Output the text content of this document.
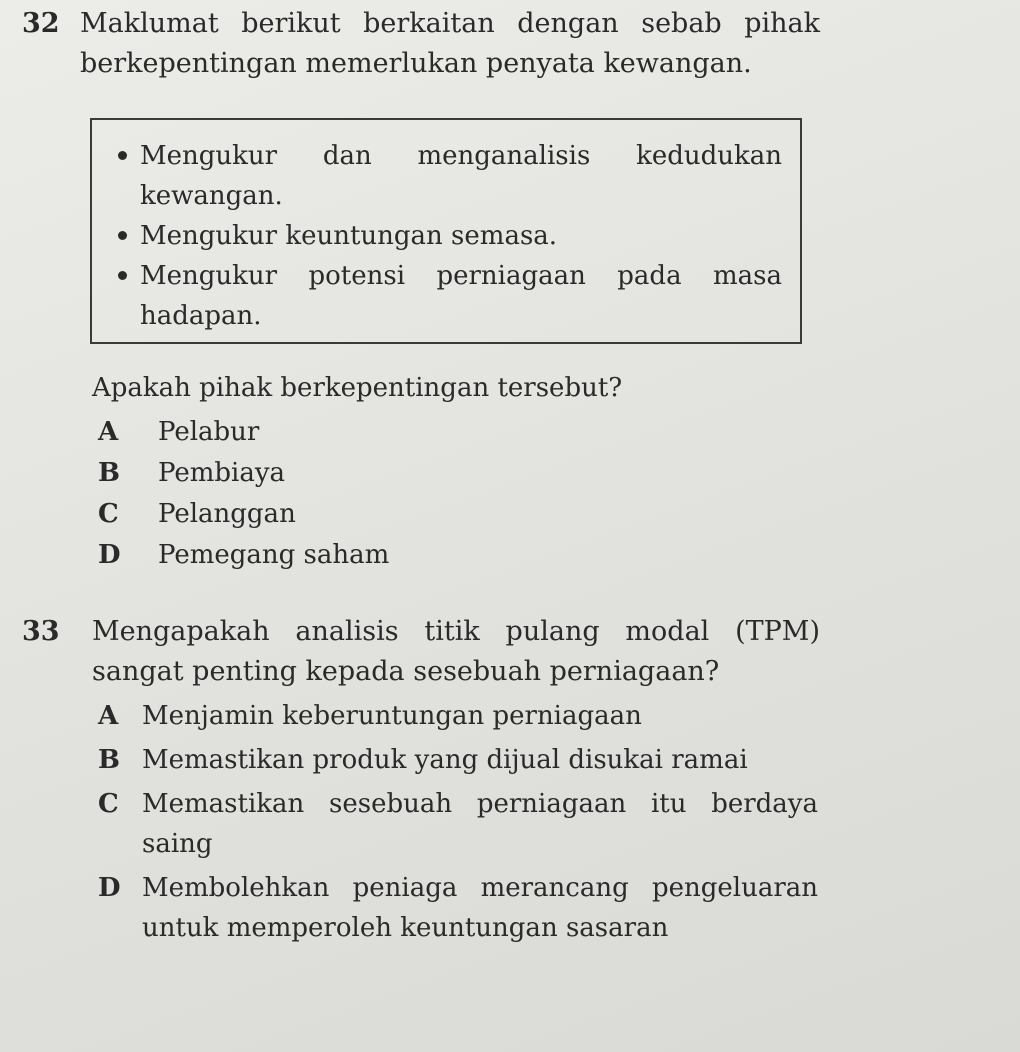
32 Maklumat berikut berkaitan dengan sebab pihak berkepentingan memerlukan penyata kewangan.
Mengukur dan menganalisis kedudukan kewangan.
Mengukur keuntungan semasa.
Mengukur potensi perniagaan pada masa hadapan.
Apakah pihak berkepentingan tersebut?
A	Pelabur
B	Pembiaya
C	Pelanggan
D	Pemegang saham
33 Mengapakah analisis titik pulang modal (TPM) sangat penting kepada sesebuah perniagaan?
A Menjamin keberuntungan perniagaan
B Memastikan produk yang dijual disukai ramai
C Memastikan sesebuah perniagaan itu berdaya saing
D Membolehkan peniaga merancang pengeluaran untuk memperoleh keuntungan sasaran
